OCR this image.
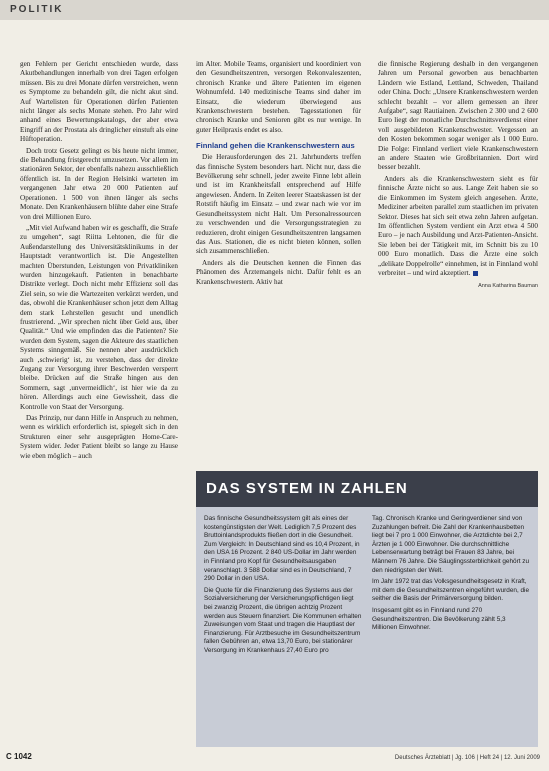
POLITIK

gen Fehlern per Gericht entschieden wurde, dass Akutbehandlungen innerhalb von drei Tagen erfolgen müssen. Bis zu drei Monate dürfen verstreichen, wenn es Symptome zu behandeln gilt, die nicht akut sind. Auf Wartelisten für Operationen dürfen Patienten nicht länger als sechs Monate stehen. Pro Jahr wird anhand eines Bewertungskatalogs, der aber etwa Eingriff an der Prostata als dringlicher einstuft als eine Hüftoperation.

Doch trotz Gesetz gelingt es bis heute nicht immer, die Behandlung fristgerecht umzusetzen. Vor allem im stationären Sektor, der ebenfalls nahezu ausschließlich öffentlich ist. In der Region Helsinki warteten im vergangenen Jahr etwa 20 000 Patienten auf Operationen. 1 500 von ihnen länger als sechs Monate. Den Krankenhäusern blühte daher eine Strafe von drei Millionen Euro.

„Mit viel Aufwand haben wir es geschafft, die Strafe zu umgehen“, sagt Riitta Lehtonen, die für die Außendarstellung des Universitätsklinikums in der Hauptstadt verantwortlich ist. Die Angestellten machten Überstunden, Leistungen von Privatkliniken wurden hinzugekauft. Patienten in benachbarte Distrikte verlegt. Doch nicht mehr Effizienz soll das Ziel sein, so wie die Wartezeiten verkürzt werden, und das, obwohl die Krankenhäuser schon jetzt dem Alltag dem stark Lehrstellen gesucht und unendlich frustrierend. „Wir sprechen nicht über Geld aus, über Qualität.“ Und wie empfinden das die Patienten? Sie wurden dem System, sagen die Akteure des staatlichen Systems sinngemäß. Sie nennen aber ausdrücklich auch ‚schwierig‘ ist, zu verstehen, dass der direkte Zugang zur Versorgung ihrer Beschwerden versperrt bleibe. Drücken auf die Straße hingen aus den Sommern, sagt ‚unvermeidlich‘, ist hier wie da zu hören. Allerdings auch eine Gewissheit, dass die Kontrolle von Staat der Versorgung.

Das Prinzip, nur dann Hilfe in Anspruch zu nehmen, wenn es wirklich erforderlich ist, spiegelt sich in den Strukturen einer sehr ausgeprägten Home-Care-System wider. Jeder Patient bleibt so lange zu Hause wie eben möglich – auch

im Alter. Mobile Teams, organisiert und koordiniert von den Gesundheitszentren, versorgen Rekonvaleszenten, chronisch Kranke und ältere Patienten im eigenen Wohnumfeld. 140 medizinische Teams sind daher im Einsatz, die wiederum überwiegend aus Krankenschwestern bestehen. Tagesstationen für chronisch Kranke und Senioren gibt es nur wenige. In guter Heilpraxis endet es also.

Finnland gehen die Krankenschwestern aus

Die Herausforderungen des 21. Jahrhunderts treffen das finnische System besonders hart. Nicht nur, dass die Bevölkerung sehr schnell, jeder zweite Finne lebt allein und ist im Krankheitsfall entsprechend auf Hilfe angewiesen. Ändern. In Zeiten leerer Staatskassen ist der Rotstift häufig im Einsatz – und zwar nach wie vor im Gesundheitssystem nicht Halt. Um Personalressourcen zu verschwenden und die Versorgungsstrategien zu reduzieren, droht einigen Gesundheitszentren langsamen das Aus. Stationen, die es nicht bieten können, sollen sich zusammenschließen.

Anders als die Deutschen kennen die Finnen das Phänomen des Ärztemangels nicht. Dafür fehlt es an Krankenschwestern. Aktiv hat

die finnische Regierung deshalb in den vergangenen Jahren um Personal geworben aus benachbarten Ländern wie Estland, Lettland, Schweden, Thailand oder China. Doch: „Unsere Krankenschwestern werden schlecht bezahlt – vor allem gemessen an ihrer Aufgabe“, sagt Rautiainen. Zwischen 2 300 und 2 600 Euro liegt der monatliche Durchschnittsverdienst einer voll ausgebildeten Krankenschwester. Vergessen an den Kosten bekommen sogar weniger als 1 000 Euro. Die Folge: Finnland verliert viele Krankenschwestern an andere Staaten wie Großbritannien. Dort wird besser bezahlt.

Anders als die Krankenschwestern sieht es für finnische Ärzte nicht so aus. Lange Zeit haben sie so die Einkommen im System gleich angesehen. Ärzte, Mediziner arbeiten parallel zum staatlichen im privaten Sektor. Dieses hat sich seit etwa zehn Jahren aufgetan. Im öffentlichen System verdient ein Arzt etwa 4 500 Euro – je nach Ausbildung und Arzt-Patienten-Ansicht. Sie leben bei der Tätigkeit mit, im Schnitt bis zu 10 000 Euro monatlich. Dass die Ärzte eine solch „delikate Doppelrolle“ einnehmen, ist in Finnland wohl verbreitet – und wird akzeptiert.

Anna Katharina Bauman
DAS SYSTEM IN ZAHLEN

Das finnische Gesundheitssystem gilt als eines der kostengünstigsten der Welt. Lediglich 7,5 Prozent des Bruttoinlandsprodukts fließen dort in die Gesundheit. Zum Vergleich: In Deutschland sind es 10,4 Prozent, in den USA 16 Prozent. 2 840 US-Dollar im Jahr werden in Finnland pro Kopf für Gesundheitsausgaben veranschlagt. 3 588 Dollar sind es in Deutschland, 7 290 Dollar in den USA.

Die Quote für die Finanzierung des Systems aus der Sozialversicherung der Versicherungspflichtigen liegt bei zwanzig Prozent, die übrigen achtzig Prozent werden aus Steuern finanziert. Die Kommunen erhalten Zuweisungen vom Staat und tragen die Hauptlast der Finanzierung. Für Arztbesuche im Gesundheitszentrum fallen Gebühren an, etwa 13,70 Euro, bei stationärer Versorgung im Krankenhaus 27,40 Euro pro

Tag. Chronisch Kranke und Geringverdiener sind von Zuzahlungen befreit. Die Zahl der Krankenhausbetten liegt bei 7 pro 1 000 Einwohner, die Arztdichte bei 2,7 Ärzten je 1 000 Einwohner. Die durchschnittliche Lebenserwartung beträgt bei Frauen 83 Jahre, bei Männern 76 Jahre. Die Säuglingssterblichkeit gehört zu den niedrigsten der Welt.

Im Jahr 1972 trat das Volksgesundheitsgesetz in Kraft, mit dem die Gesundheitszentren eingeführt wurden, die seither die Basis der Primärversorgung bilden.

Insgesamt gibt es in Finnland rund 270 Gesundheitszentren. Die Bevölkerung zählt 5,3 Millionen Einwohner.

C 1042	Deutsches Ärzteblatt | Jg. 106 | Heft 24 | 12. Juni 2009
